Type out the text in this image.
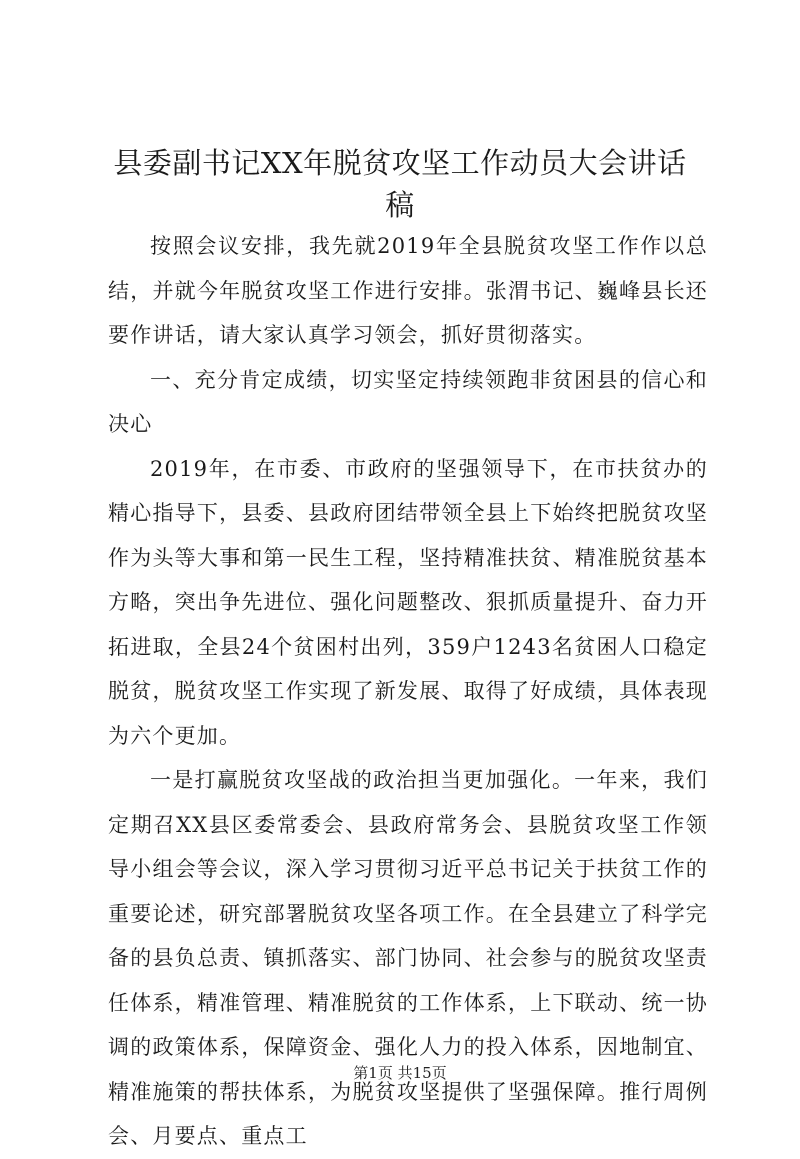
县委副书记XX年脱贫攻坚工作动员大会讲话稿

按照会议安排，我先就2019年全县脱贫攻坚工作作以总结，并就今年脱贫攻坚工作进行安排。张渭书记、巍峰县长还要作讲话，请大家认真学习领会，抓好贯彻落实。

一、充分肯定成绩，切实坚定持续领跑非贫困县的信心和决心

2019年，在市委、市政府的坚强领导下，在市扶贫办的精心指导下，县委、县政府团结带领全县上下始终把脱贫攻坚作为头等大事和第一民生工程，坚持精准扶贫、精准脱贫基本方略，突出争先进位、强化问题整改、狠抓质量提升、奋力开拓进取，全县24个贫困村出列，359户1243名贫困人口稳定脱贫，脱贫攻坚工作实现了新发展、取得了好成绩，具体表现为六个更加。

一是打赢脱贫攻坚战的政治担当更加强化。一年来，我们定期召XX县区委常委会、县政府常务会、县脱贫攻坚工作领导小组会等会议，深入学习贯彻习近平总书记关于扶贫工作的重要论述，研究部署脱贫攻坚各项工作。在全县建立了科学完备的县负总责、镇抓落实、部门协同、社会参与的脱贫攻坚责任体系，精准管理、精准脱贫的工作体系，上下联动、统一协调的政策体系，保障资金、强化人力的投入体系，因地制宜、精准施策的帮扶体系，为脱贫攻坚提供了坚强保障。推行周例会、月要点、重点工

第1页 共15页
